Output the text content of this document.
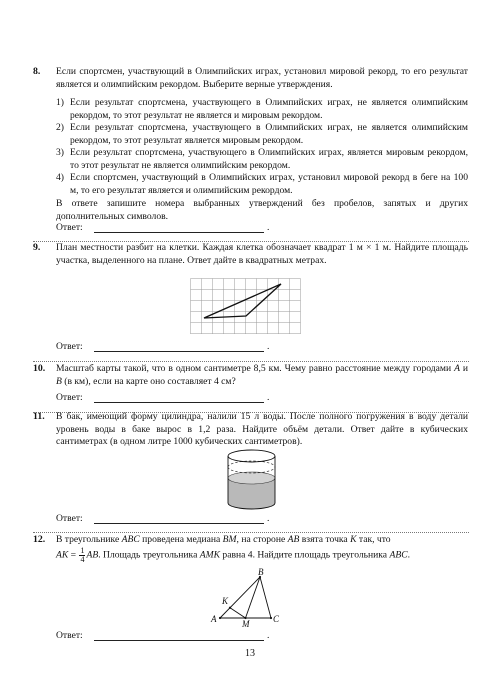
8. Если спортсмен, участвующий в Олимпийских играх, установил мировой рекорд, то его результат является и олимпийским рекордом. Выберите верные утверждения.
1) Если результат спортсмена, участвующего в Олимпийских играх, не является олимпийским рекордом, то этот результат не является и мировым рекордом.
2) Если результат спортсмена, участвующего в Олимпийских играх, не является олимпийским рекордом, то этот результат является мировым рекордом.
3) Если результат спортсмена, участвующего в Олимпийских играх, является мировым рекордом, то этот результат не является олимпийским рекордом.
4) Если спортсмен, участвующий в Олимпийских играх, установил мировой рекорд в беге на 100 м, то его результат является и олимпийским рекордом.
В ответе запишите номера выбранных утверждений без пробелов, запятых и других дополнительных символов.
Ответ:	.
9. План местности разбит на клетки. Каждая клетка обозначает квадрат 1 м × 1 м. Найдите площадь участка, выделенного на плане. Ответ дайте в квадратных метрах.
Ответ:	.
10. Масштаб карты такой, что в одном сантиметре 8,5 км. Чему равно расстояние между городами A и B (в км), если на карте оно составляет 4 см?
Ответ:	.
11. В бак, имеющий форму цилиндра, налили 15 л воды. После полного погружения в воду детали уровень воды в баке вырос в 1,2 раза. Найдите объём детали. Ответ дайте в кубических сантиметрах (в одном литре 1000 кубических сантиметров).
Ответ:	.
12. В треугольнике ABC проведена медиана BM, на стороне AB взята точка K так, что
AK = $\frac{1}{4}$ AB. Площадь треугольника AMK равна 4. Найдите площадь треугольника ABC.
A
B
C
K
M
Ответ:	.
13
